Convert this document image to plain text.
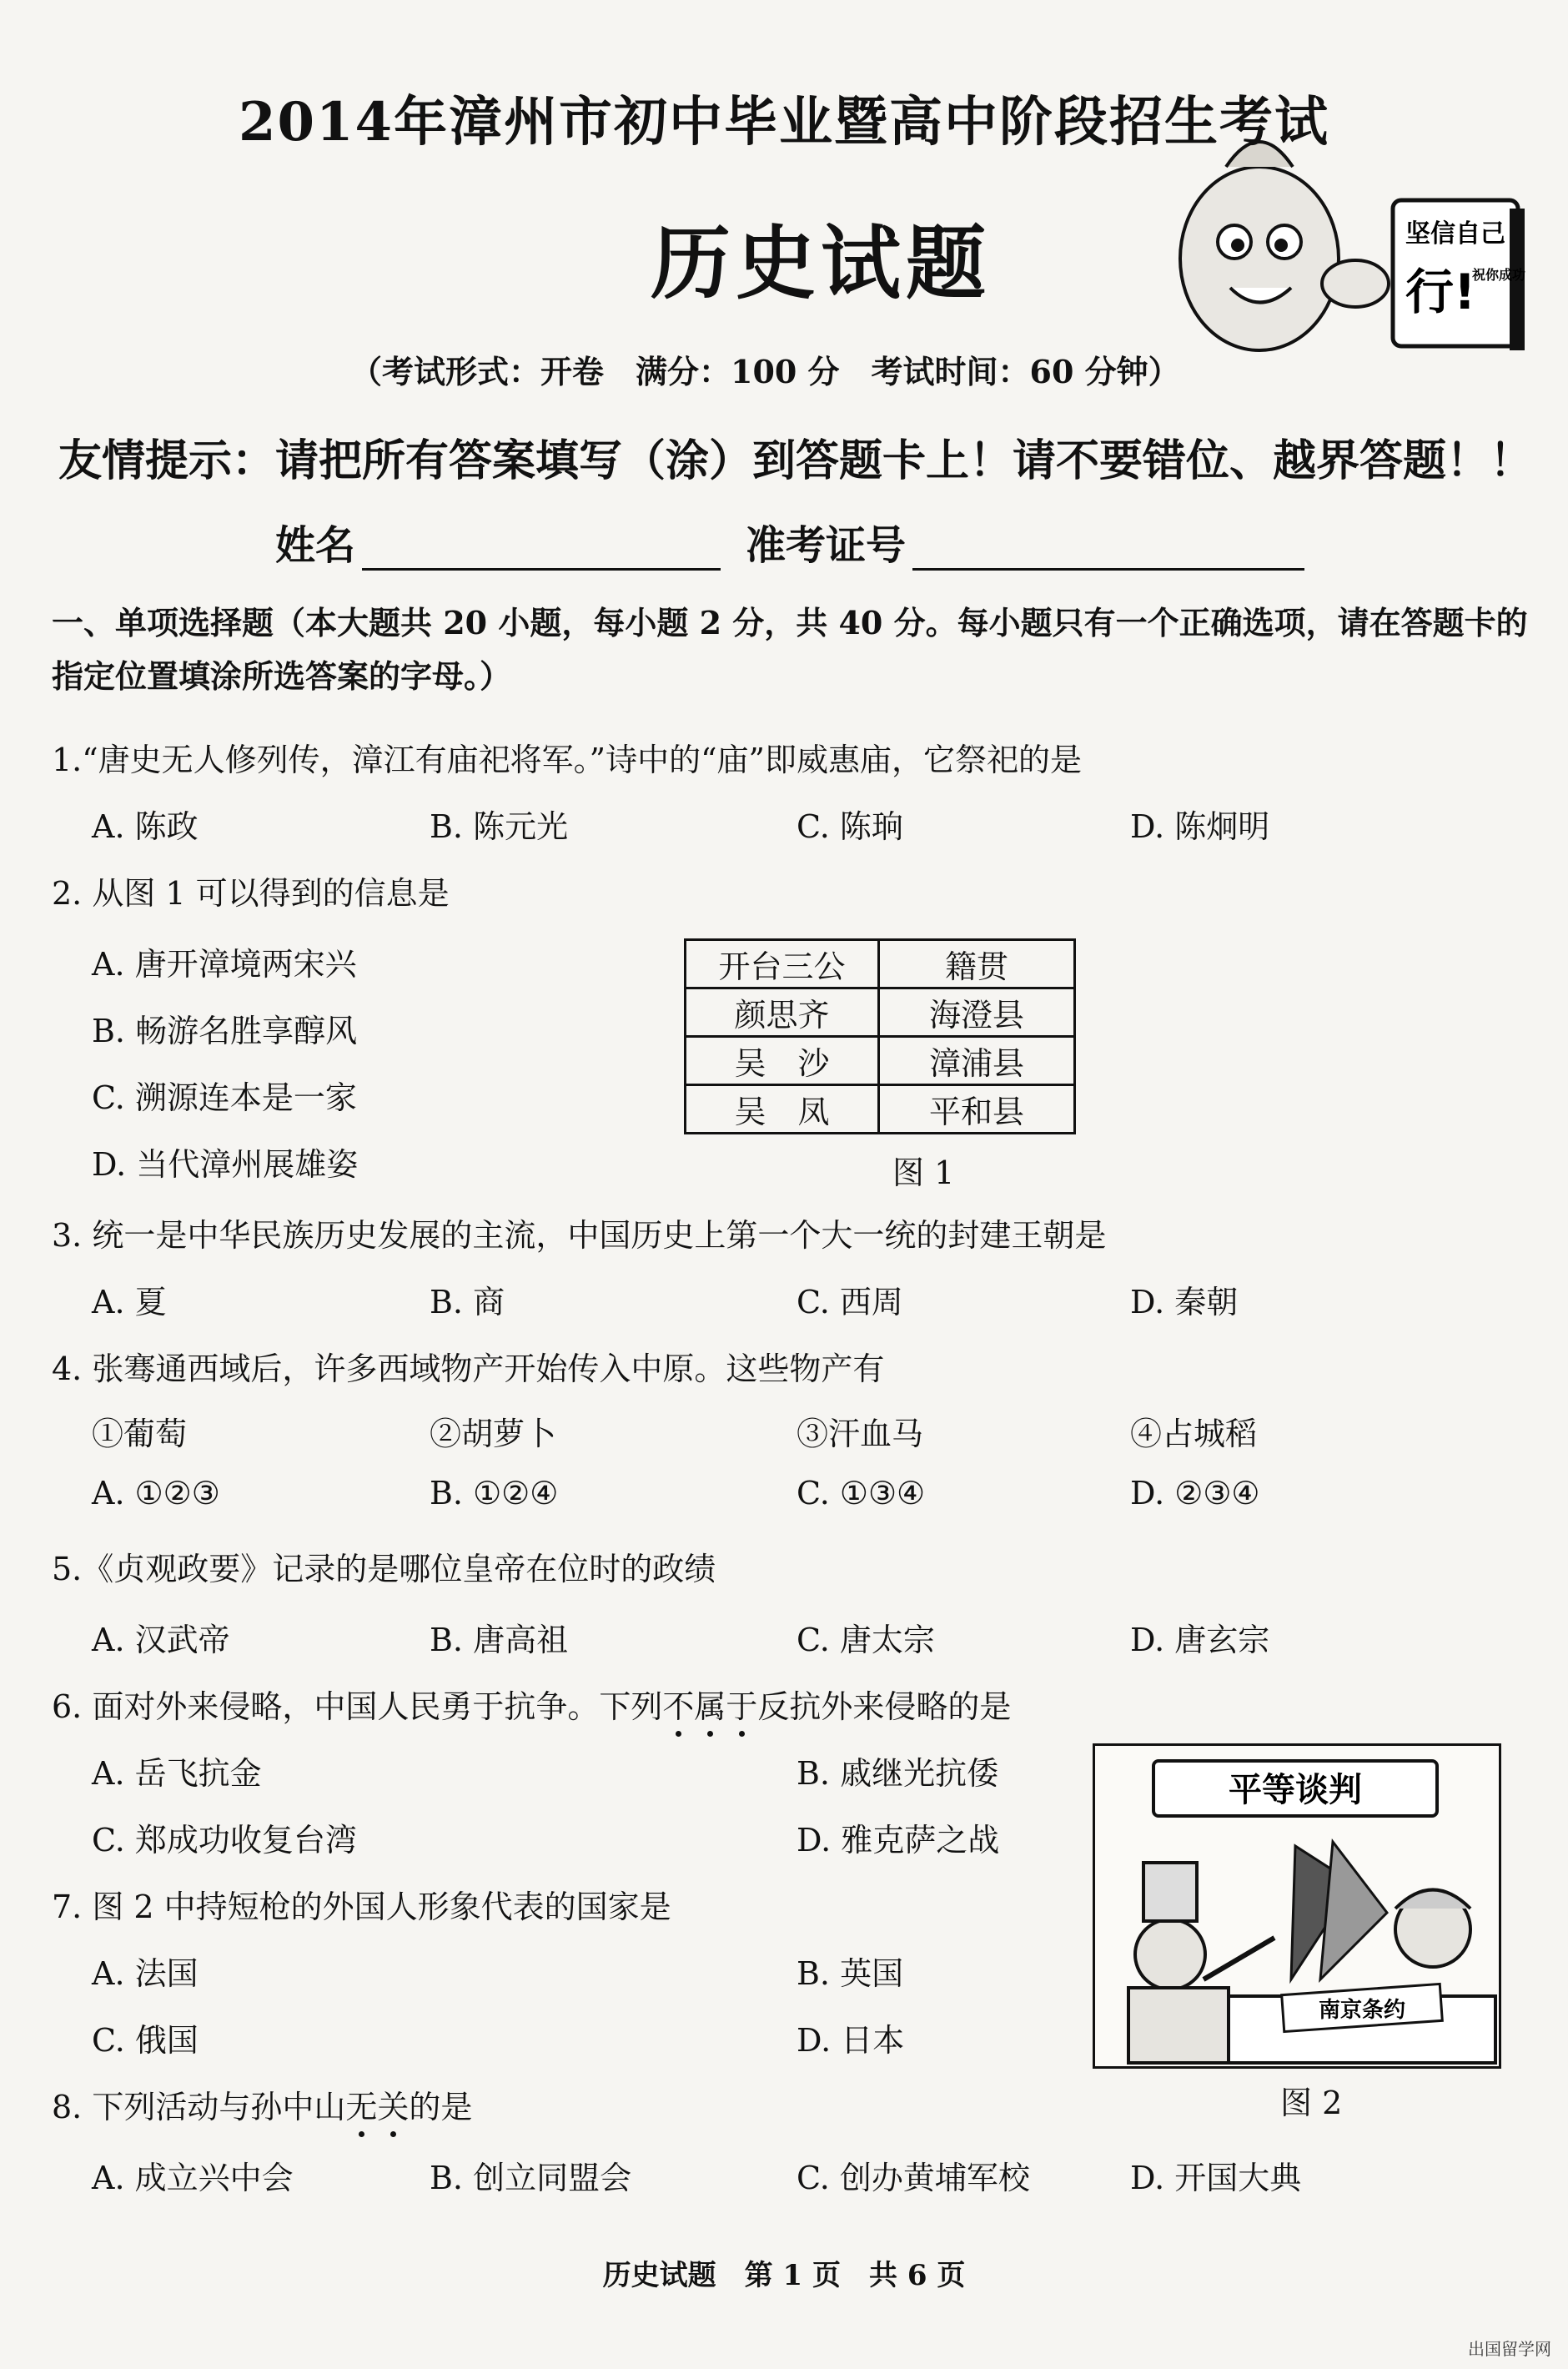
坚信自己
行!
祝你成功
2014年漳州市初中毕业暨高中阶段招生考试
历史试题
（考试形式：开卷　满分：100 分　考试时间：60 分钟）
友情提示：请把所有答案填写（涂）到答题卡上！请不要错位、越界答题！！
姓名	准考证号
一、单项选择题（本大题共 20 小题，每小题 2 分，共 40 分。每小题只有一个正确选项，请在答题卡的指定位置填涂所选答案的字母。）
1.“唐史无人修列传，漳江有庙祀将军。”诗中的“庙”即威惠庙，它祭祀的是
A. 陈政	B. 陈元光	C. 陈珦	D. 陈炯明
2. 从图 1 可以得到的信息是
A. 唐开漳境两宋兴
B. 畅游名胜享醇风
C. 溯源连本是一家
D. 当代漳州展雄姿
开台三公	籍贯
颜思齐	海澄县
吴　沙	漳浦县
吴　凤	平和县
图 1
3. 统一是中华民族历史发展的主流，中国历史上第一个大一统的封建王朝是
A. 夏	B. 商	C. 西周	D. 秦朝
4. 张骞通西域后，许多西域物产开始传入中原。这些物产有
①葡萄	②胡萝卜	③汗血马	④占城稻
A. ①②③	B. ①②④	C. ①③④	D. ②③④
5.《贞观政要》记录的是哪位皇帝在位时的政绩
A. 汉武帝	B. 唐高祖	C. 唐太宗	D. 唐玄宗
6. 面对外来侵略，中国人民勇于抗争。下列不属于反抗外来侵略的是
A. 岳飞抗金	B. 戚继光抗倭
C. 郑成功收复台湾	D. 雅克萨之战
7. 图 2 中持短枪的外国人形象代表的国家是
A. 法国	B. 英国
C. 俄国	D. 日本
平等谈判
南京条约
图 2
8. 下列活动与孙中山无关的是
A. 成立兴中会	B. 创立同盟会	C. 创办黄埔军校	D. 开国大典
历史试题　第 1 页　共 6 页
出国留学网
